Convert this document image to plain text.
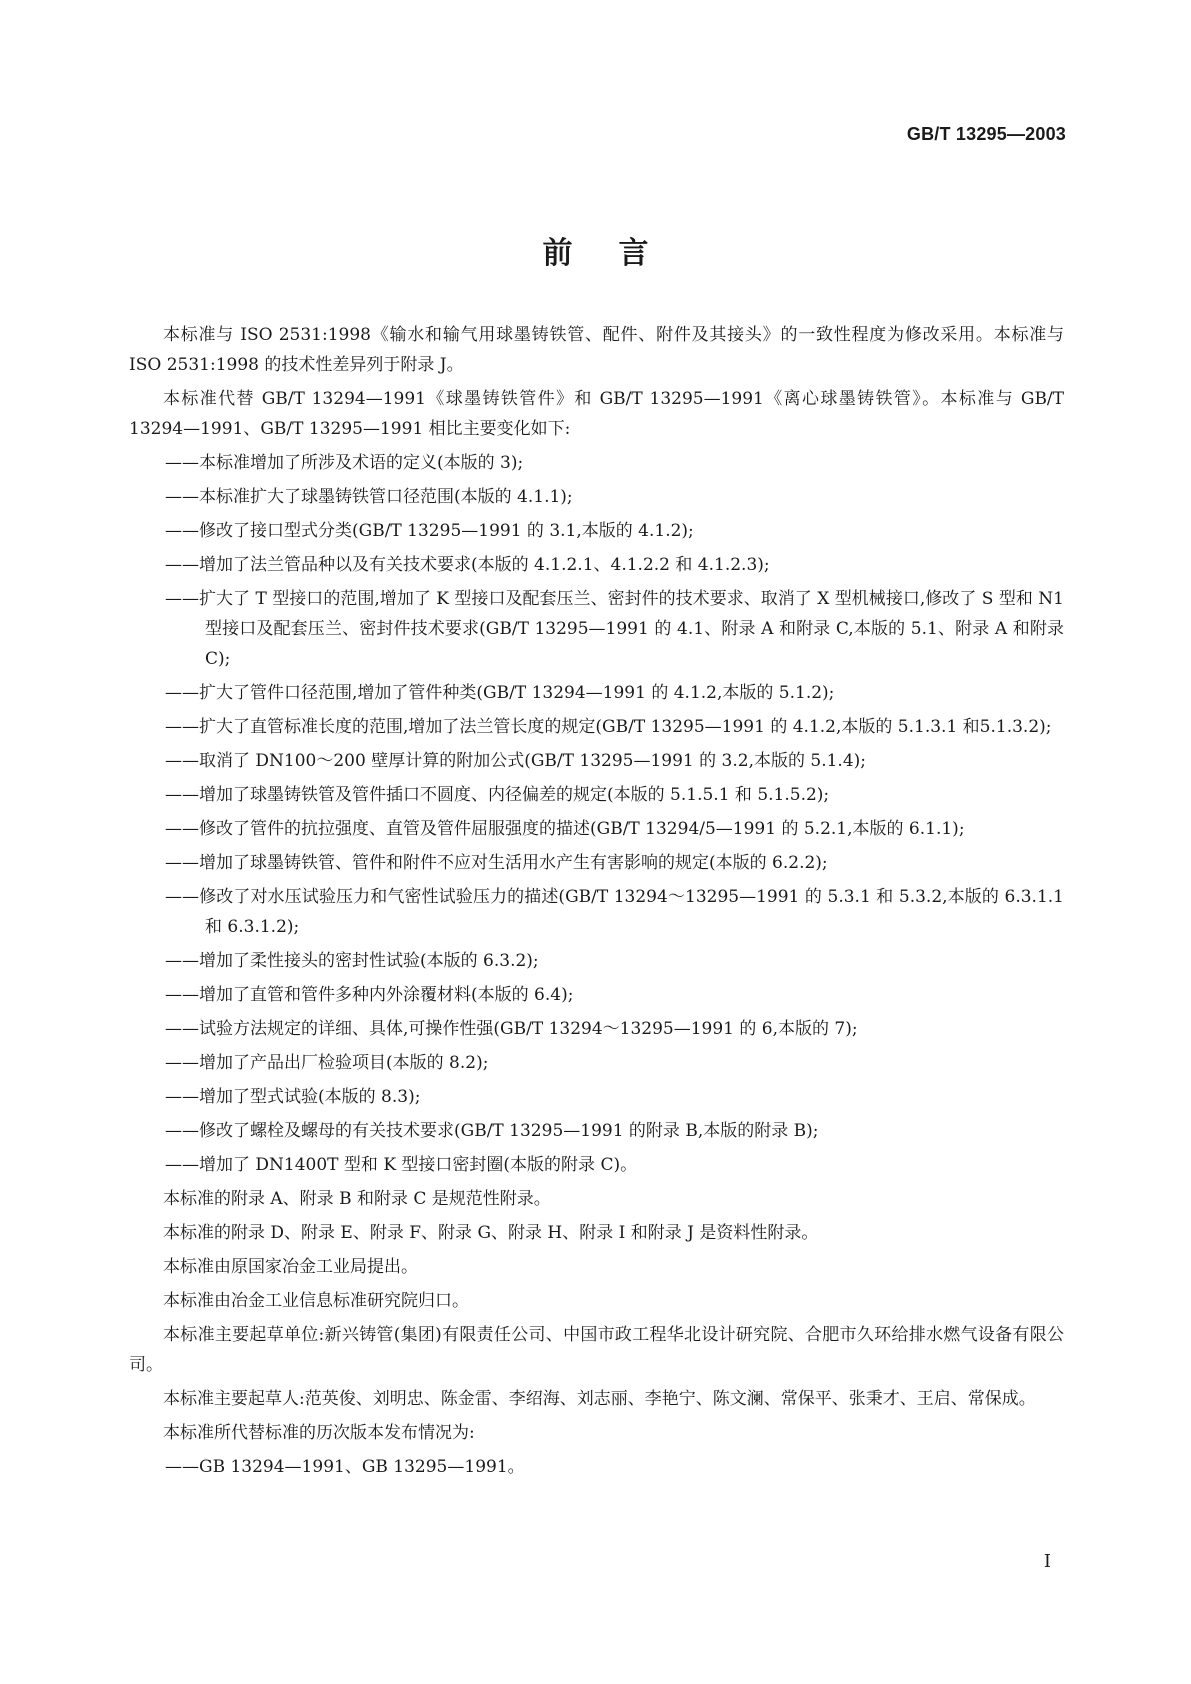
GB/T 13295—2003
前言

本标准与 ISO 2531:1998《输水和输气用球墨铸铁管、配件、附件及其接头》的一致性程度为修改采用。本标准与 ISO 2531:1998 的技术性差异列于附录 J。

本标准代替 GB/T 13294—1991《球墨铸铁管件》和 GB/T 13295—1991《离心球墨铸铁管》。本标准与 GB/T 13294—1991、GB/T 13295—1991 相比主要变化如下:

——本标准增加了所涉及术语的定义(本版的 3);

——本标准扩大了球墨铸铁管口径范围(本版的 4.1.1);

——修改了接口型式分类(GB/T 13295—1991 的 3.1,本版的 4.1.2);

——增加了法兰管品种以及有关技术要求(本版的 4.1.2.1、4.1.2.2 和 4.1.2.3);

——扩大了 T 型接口的范围,增加了 K 型接口及配套压兰、密封件的技术要求、取消了 X 型机械接口,修改了 S 型和 N1 型接口及配套压兰、密封件技术要求(GB/T 13295—1991 的 4.1、附录 A 和附录 C,本版的 5.1、附录 A 和附录 C);

——扩大了管件口径范围,增加了管件种类(GB/T 13294—1991 的 4.1.2,本版的 5.1.2);

——扩大了直管标准长度的范围,增加了法兰管长度的规定(GB/T 13295—1991 的 4.1.2,本版的 5.1.3.1 和5.1.3.2);

——取消了 DN100～200 壁厚计算的附加公式(GB/T 13295—1991 的 3.2,本版的 5.1.4);

——增加了球墨铸铁管及管件插口不圆度、内径偏差的规定(本版的 5.1.5.1 和 5.1.5.2);

——修改了管件的抗拉强度、直管及管件屈服强度的描述(GB/T 13294/5—1991 的 5.2.1,本版的 6.1.1);

——增加了球墨铸铁管、管件和附件不应对生活用水产生有害影响的规定(本版的 6.2.2);

——修改了对水压试验压力和气密性试验压力的描述(GB/T 13294～13295—1991 的 5.3.1 和 5.3.2,本版的 6.3.1.1 和 6.3.1.2);

——增加了柔性接头的密封性试验(本版的 6.3.2);

——增加了直管和管件多种内外涂覆材料(本版的 6.4);

——试验方法规定的详细、具体,可操作性强(GB/T 13294～13295—1991 的 6,本版的 7);

——增加了产品出厂检验项目(本版的 8.2);

——增加了型式试验(本版的 8.3);

——修改了螺栓及螺母的有关技术要求(GB/T 13295—1991 的附录 B,本版的附录 B);

——增加了 DN1400T 型和 K 型接口密封圈(本版的附录 C)。

本标准的附录 A、附录 B 和附录 C 是规范性附录。

本标准的附录 D、附录 E、附录 F、附录 G、附录 H、附录 I 和附录 J 是资料性附录。

本标准由原国家冶金工业局提出。

本标准由冶金工业信息标准研究院归口。

本标准主要起草单位:新兴铸管(集团)有限责任公司、中国市政工程华北设计研究院、合肥市久环给排水燃气设备有限公司。

本标准主要起草人:范英俊、刘明忠、陈金雷、李绍海、刘志丽、李艳宁、陈文澜、常保平、张秉才、王启、常保成。

本标准所代替标准的历次版本发布情况为:

——GB 13294—1991、GB 13295—1991。

I
